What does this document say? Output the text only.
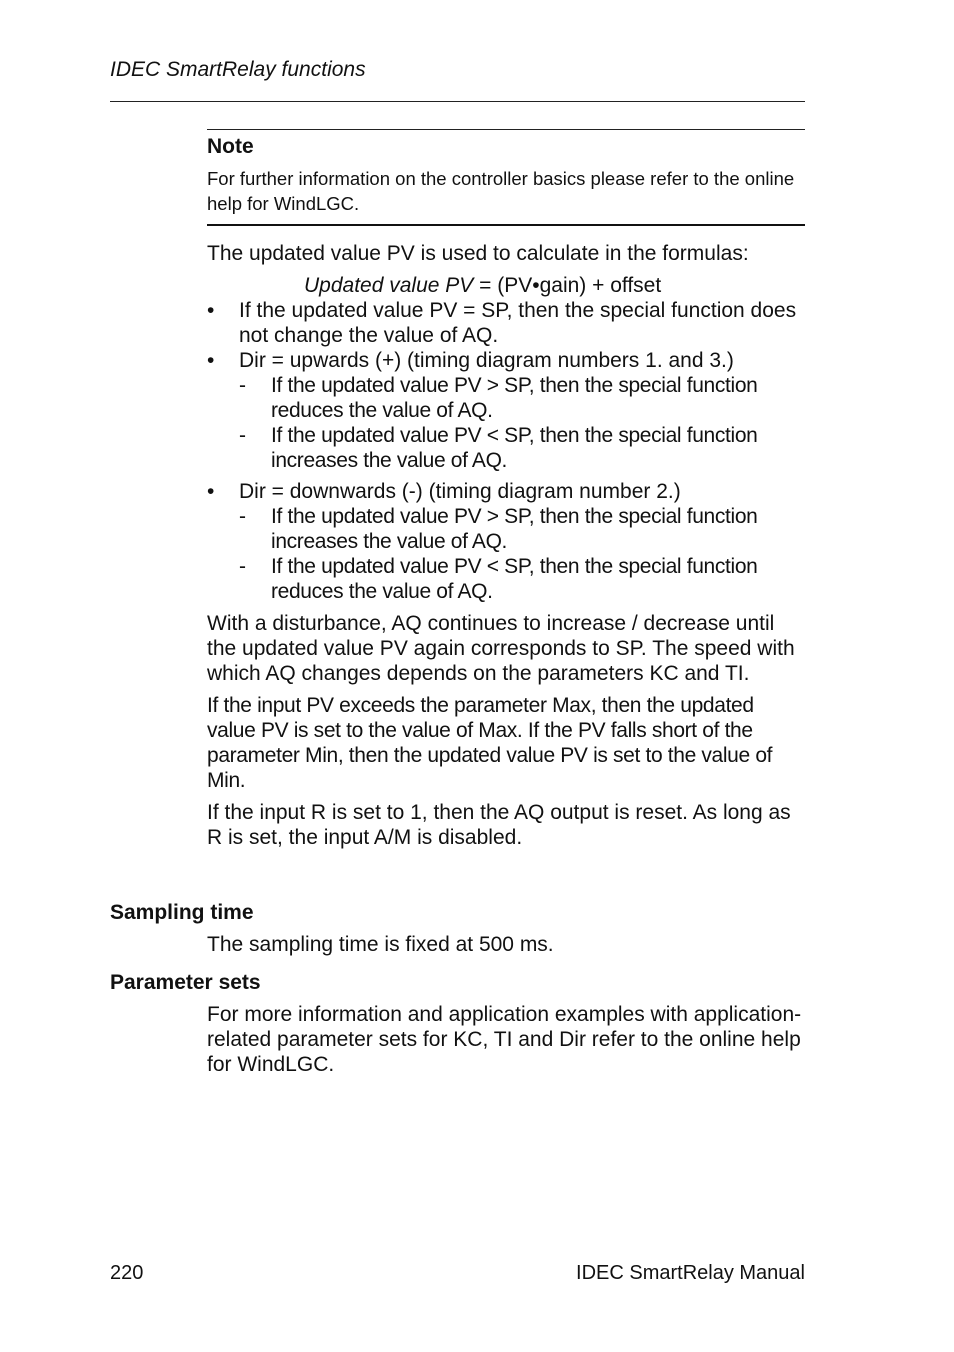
IDEC SmartRelay functions
Note
For further information on the controller basics please refer to the online help for WindLGC.

The updated value PV is used to calculate in the formulas:

Updated value PV = (PV•gain) + offset

•	If the updated value PV = SP, then the special function does not change the value of AQ.
•	Dir = upwards (+) (timing diagram numbers 1. and 3.)
-	If the updated value PV > SP, then the special function reduces the value of AQ.
-	If the updated value PV < SP, then the special function increases the value of AQ.
•	Dir = downwards (-) (timing diagram number 2.)
-	If the updated value PV > SP, then the special function increases the value of AQ.
-	If the updated value PV < SP, then the special function reduces the value of AQ.

With a disturbance, AQ continues to increase / decrease until the updated value PV again corresponds to SP. The speed with which AQ changes depends on the parameters KC and TI.

If the input PV exceeds the parameter Max, then the updated value PV is set to the value of Max. If the PV falls short of the parameter Min, then the updated value PV is set to the value of Min.

If the input R is set to 1, then the AQ output is reset. As long as R is set, the input A/M is disabled.

Sampling time
The sampling time is fixed at 500 ms.
Parameter sets
For more information and application examples with application-related parameter sets for KC, TI and Dir refer to the online help for WindLGC.
220	IDEC SmartRelay Manual
